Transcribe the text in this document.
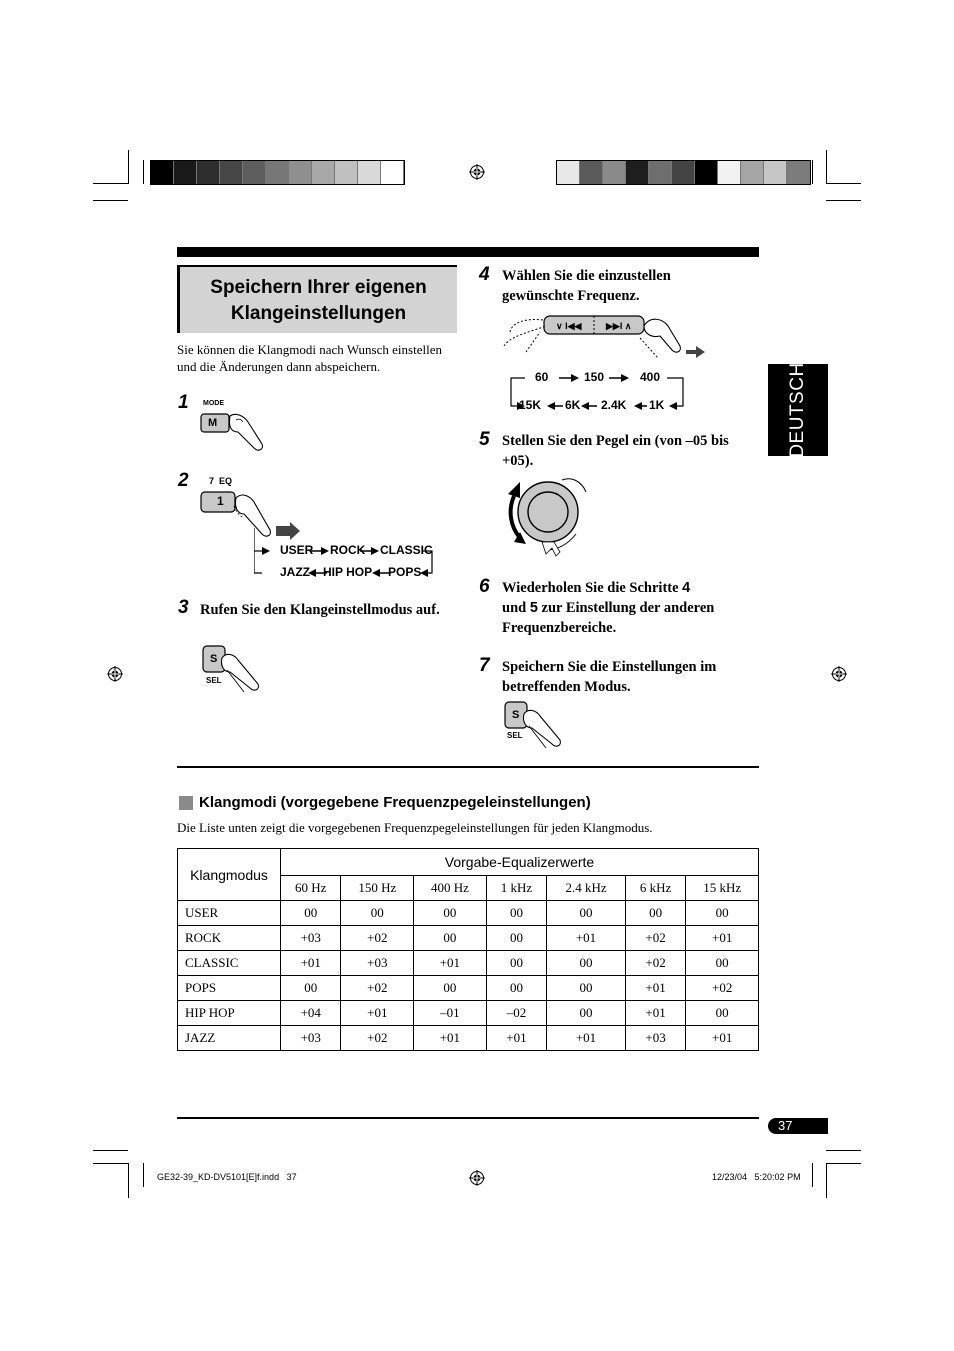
Speichern Ihrer eigenen
Klangeinstellungen
DEUTSCH
Sie können die Klangmodi nach Wunsch einstellen und die Änderungen dann abspeichern.
1 MODE
M
2 7  EQ
1
USER ROCK CLASSIC
JAZZ HIP HOP POPS
3 Rufen Sie den Klangeinstellmodus auf.
S
SEL
4 Wählen Sie die einzustellen gewünschte Frequenz.
∨ I◀◀	▶▶I ∧
60	150	400
15K 6K 2.4K 1K
5 Stellen Sie den Pegel ein (von –05 bis +05).
6 Wiederholen Sie die Schritte 4
und 5 zur Einstellung der anderen Frequenzbereiche.
7 Speichern Sie die Einstellungen im betreffenden Modus.
S
SEL
Klangmodi (vorgegebene Frequenzpegeleinstellungen)
Die Liste unten zeigt die vorgegebenen Frequenzpegeleinstellungen für jeden Klangmodus.
Klangmodus	Vorgabe-Equalizerwerte						
	60 Hz	150 Hz	400 Hz	1 kHz	2.4 kHz	6 kHz	15 kHz
USER	00	00	00	00	00	00	00
ROCK	+03	+02	00	00	+01	+02	+01
CLASSIC	+01	+03	+01	00	00	+02	00
POPS	00	+02	00	00	00	+01	+02
HIP HOP	+04	+01	–01	–02	00	+01	00
JAZZ	+03	+02	+01	+01	+01	+03	+01
37
GE32-39_KD-DV5101[E]f.indd   37	12/23/04   5:20:02 PM
